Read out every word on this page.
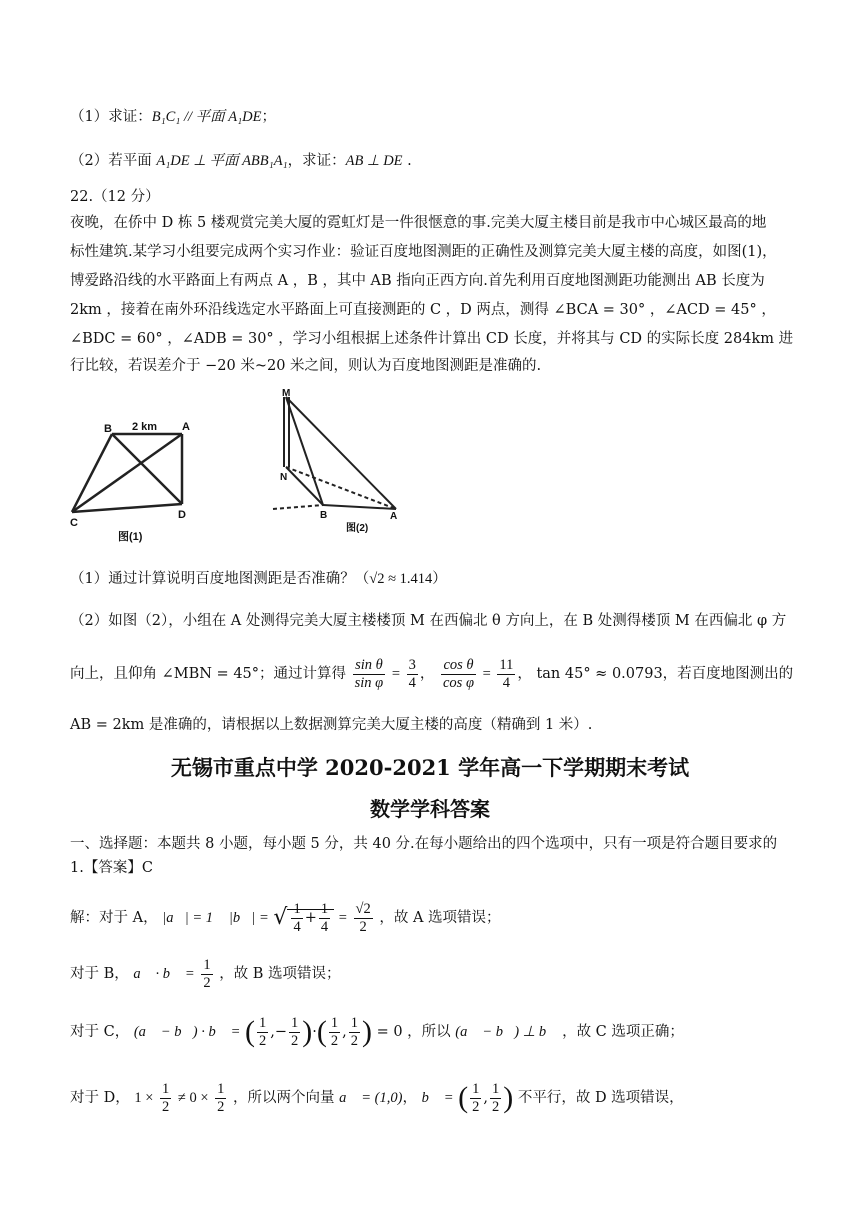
（1）求证：B₁C₁ // 平面 A₁DE；
（2）若平面 A₁DE ⊥ 平面 ABB₁A₁，求证：AB ⊥ DE .
22.（12 分）
夜晚，在侨中 D 栋 5 楼观赏完美大厦的霓虹灯是一件很惬意的事.完美大厦主楼目前是我市中心城区最高的地
标性建筑.某学习小组要完成两个实习作业：验证百度地图测距的正确性及测算完美大厦主楼的高度，如图(1)，
博爱路沿线的水平路面上有两点 A ，B ，其中 AB 指向正西方向.首先利用百度地图测距功能测出 AB 长度为
2km ，接着在南外环沿线选定水平路面上可直接测距的 C ，D 两点，测得 ∠BCA = 30° ，∠ACD = 45° ，
∠BDC = 60° ，∠ADB = 30° ，学习小组根据上述条件计算出 CD 长度，并将其与 CD 的实际长度 284km 进
行比较，若误差介于 −20 米~20 米之间，则认为百度地图测距是准确的.
B 2 km A
C
D
图(1)
M
N
B	A
图(2)
（1）通过计算说明百度地图测距是否准确？（√2 ≈ 1.414）
（2）如图（2），小组在 A 处测得完美大厦主楼楼顶 M 在西偏北 θ 方向上，在 B 处测得楼顶 M 在西偏北 φ 方
向上，且仰角 ∠MBN = 45°；通过计算得 $\frac{\text{sin θ}}{\text{sin φ}} = \frac{3}{4}$ ， $\frac{\text{cos θ}}{\text{cos φ}} = \frac{11}{4}$ ， tan 45° ≈ 0.0793，若百度地图测出的
AB = 2km 是准确的，请根据以上数据测算完美大厦主楼的高度（精确到 1 米）.
无锡市重点中学 2020-2021 学年高一下学期期末考试
数学学科答案
一、选择题：本题共 8 小题，每小题 5 分，共 40 分.在每小题给出的四个选项中，只有一项是符合题目要求的
1.【答案】C
解：对于 A， |a⃗| = 1， |b⃗| = √ $\frac{1}{4} + \frac{1}{4} = \frac{√2}{2}$ ，故 A 选项错误；
对于 B， a⃗ · b⃗ = $\frac{1}{2}$ ，故 B 选项错误；
对于 C， (a⃗ − b⃗) · b⃗ = ( $\frac{1}{2}$ ,− $\frac{1}{2}$ )·( $\frac{1}{2}$ , $\frac{1}{2}$ ) = 0 ，所以 (a⃗ − b⃗) ⊥ b⃗ ，故 C 选项正确；
对于 D， $1 \times \frac{1}{2} \ne 0 \times \frac{1}{2}$ ，所以两个向量 a⃗ = (1,0)， b⃗ = ( $\frac{1}{2}$ , $\frac{1}{2}$ ) 不平行，故 D 选项错误，
